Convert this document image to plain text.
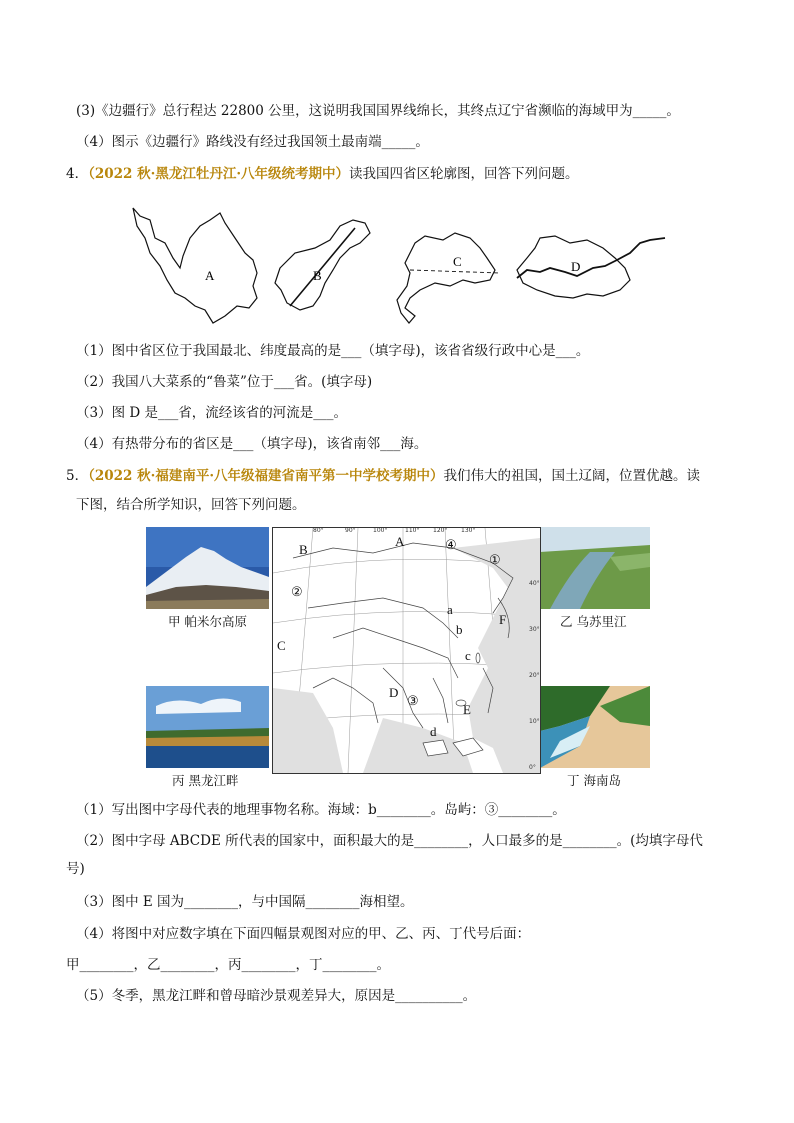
(3)《边疆行》总行程达 22800 公里，这说明我国国界线绵长，其终点辽宁省濒临的海域甲为_____。
（4）图示《边疆行》路线没有经过我国领土最南端_____。
4．（2022 秋·黑龙江牡丹江·八年级统考期中）读我国四省区轮廓图，回答下列问题。
A	B
C	D
（1）图中省区位于我国最北、纬度最高的是___（填字母)，该省省级行政中心是___。
（2）我国八大菜系的“鲁菜”位于___省。(填字母)
（3）图 D 是___省，流经该省的河流是___。
（4）有热带分布的省区是___（填字母)，该省南邻___海。
5．（2022 秋·福建南平·八年级福建省南平第一中学校考期中）我们伟大的祖国，国土辽阔，位置优越。读
下图，结合所学知识，回答下列问题。
甲 帕米尔高原
丙 黑龙江畔
乙 乌苏里江
丁 海南岛
80°	90°	100°	110° 120° 130°
40°
30°
20°
10°
0°
A
B
C
D
E
F
a
b
c
d
①
②
③
④
（1）写出图中字母代表的地理事物名称。海域：b________。岛屿：③________。
（2）图中字母 ABCDE 所代表的国家中，面积最大的是________，人口最多的是________。(均填字母代
号)
（3）图中 E 国为________，与中国隔________海相望。
（4）将图中对应数字填在下面四幅景观图对应的甲、乙、丙、丁代号后面：
甲________，乙________，丙________，丁________。
（5）冬季，黑龙江畔和曾母暗沙景观差异大，原因是__________。
